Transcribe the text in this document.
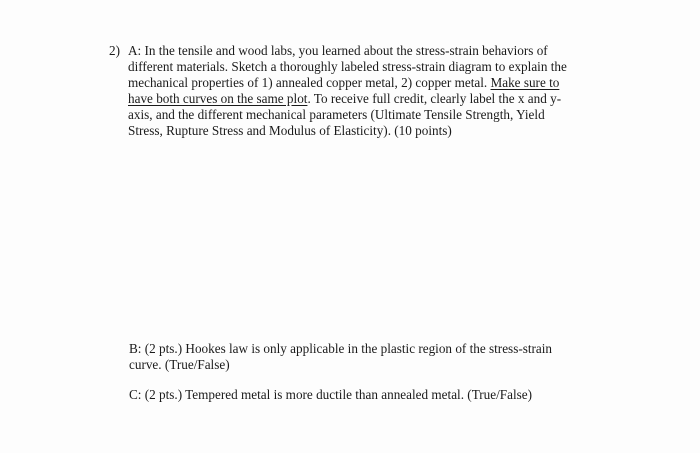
2) A: In the tensile and wood labs, you learned about the stress-strain behaviors of
different materials. Sketch a thoroughly labeled stress-strain diagram to explain the
mechanical properties of 1) annealed copper metal, 2) copper metal. Make sure to
have both curves on the same plot. To receive full credit, clearly label the x and y-
axis, and the different mechanical parameters (Ultimate Tensile Strength, Yield
Stress, Rupture Stress and Modulus of Elasticity). (10 points)
B: (2 pts.) Hookes law is only applicable in the plastic region of the stress-strain
curve. (True/False)
C: (2 pts.) Tempered metal is more ductile than annealed metal. (True/False)
